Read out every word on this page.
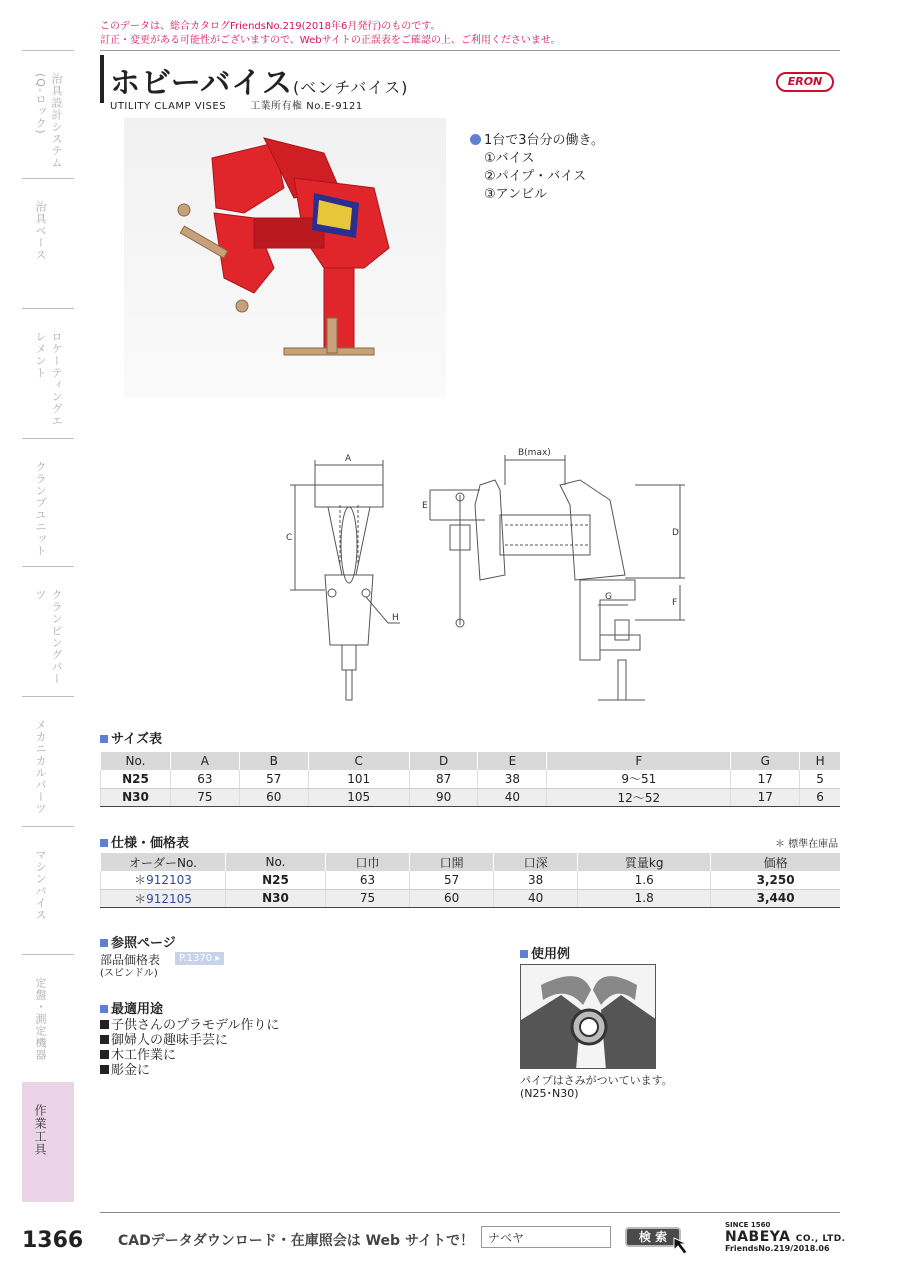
このデータは、総合カタログFriendsNo.219(2018年6月発行)のものです。
訂正・変更がある可能性がございますので、Webサイトの正誤表をご確認の上、ご利用くださいませ。
治具設計システム(Q-ロック)
治具ベース
ロケーティングエレメント
クランプユニット
クランピングパーツ
メカニカルパーツ
マシンバイス
定盤・測定機器
作業工具
ホビーバイス(ベンチバイス)
UTILITY CLAMP VISES 工業所有権 No.E-9121
ERON
1台で3台分の働き。
①バイス
②パイプ・バイス
③アンビル
A
B(max)
C	D
E
F
G
H
サイズ表
No.	A	B	C	D	E	F	G	H
N25	63	57	101	87	38	9～51	17	5
N30	75	60	105	90	40	12～52	17	6
仕様・価格表	＊ 標準在庫品
オーダーNo.	No.	口巾	口開	口深	質量kg	価格
＊912103	N25	63	57	38	1.6	3,250
＊912105	N30	75	60	40	1.8	3,440
参照ページ
部品価格表
(スピンドル)
P.1370 ▸
最適用途
子供さんのプラモデル作りに
御婦人の趣味手芸に
木工作業に
彫金に
使用例
パイプはさみがついています。
(N25･N30)
1366 CADデータダウンロード・在庫照会は Web サイトで！
ナベヤ	検 索
SINCE 1560
NABEYA CO., LTD.
FriendsNo.219/2018.06
